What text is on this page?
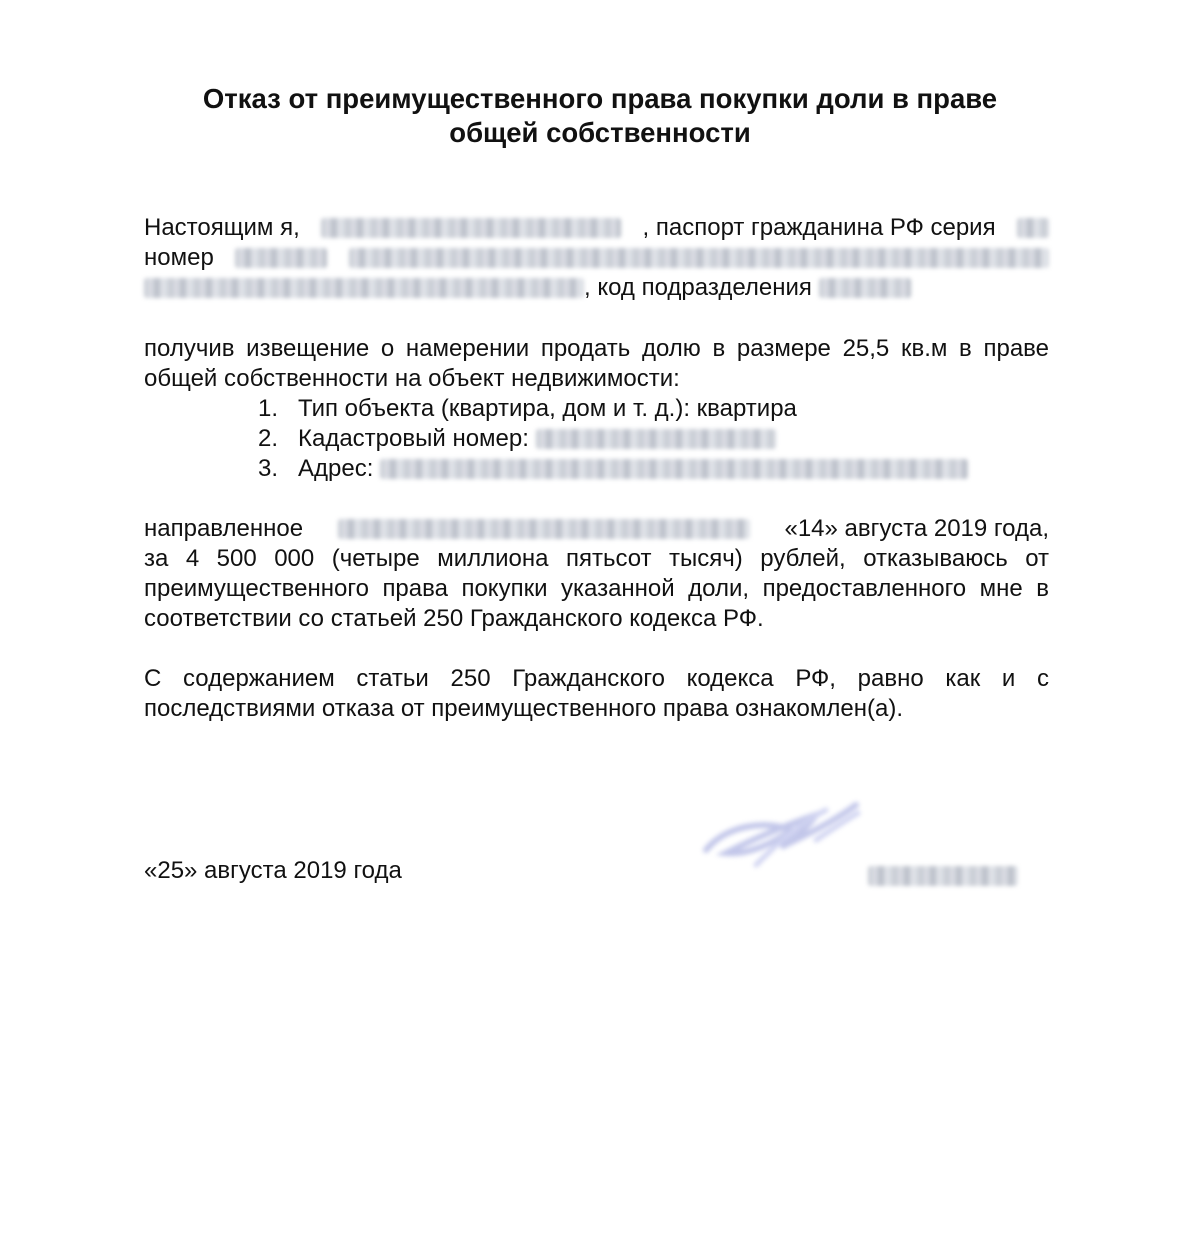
Отказ от преимущественного права покупки доли в праве
общей собственности
Настоящим я,	, паспорт гражданина РФ серия
номер
, код подразделения
получив извещение о намерении продать долю в размере 25,5 кв.м в праве общей собственности на объект недвижимости:
1. Тип объекта (квартира, дом и т. д.): квартира
2. Кадастровый номер:
3. Адрес:
направленное	«14» августа 2019 года,
за 4 500 000 (четыре миллиона пятьсот тысяч) рублей, отказываюсь от преимущественного права покупки указанной доли, предоставленного мне в соответствии со статьей 250 Гражданского кодекса РФ.
С содержанием статьи 250 Гражданского кодекса РФ, равно как и с последствиями отказа от преимущественного права ознакомлен(а).
«25» августа 2019 года
